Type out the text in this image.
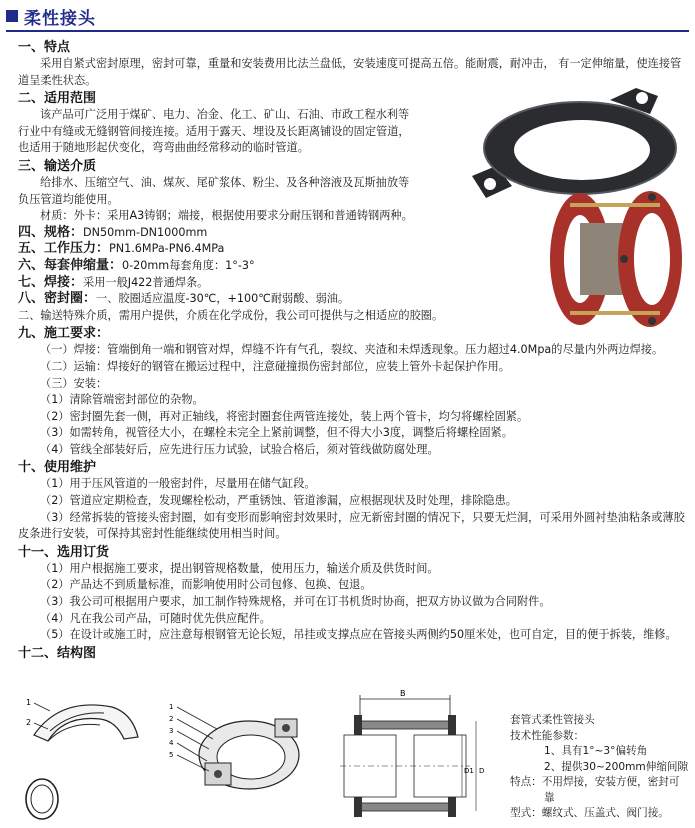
柔性接头
一、特点
采用自紧式密封原理，密封可靠，重量和安装费用比法兰盘低，安装速度可提高五倍。能耐震，耐冲击， 有一定伸缩量，使连接管道呈柔性状态。
二、适用范围
该产品可广泛用于煤矿、电力、冶金、化工、矿山、石油、市政工程水利等行业中有缝或无缝钢管间接连接。适用于露天、埋设及长距离铺设的固定管道，也适用于随地形起伏变化，弯弯曲曲经常移动的临时管道。
三、输送介质
给排水、压缩空气、油、煤灰、尾矿浆体、粉尘、及各种溶液及瓦斯抽放等负压管道均能使用。
材质：外卡：采用A3铸钢；端接，根据使用要求分耐压钢和普通铸钢两种。
四、规格：DN50mm-DN1000mm
五、工作压力：PN1.6MPa-PN6.4MPa
六、每套伸缩量：0-20mm每套角度：1°-3°
七、焊接：采用一般J422普通焊条。
八、密封圈：一、胶圈适应温度-30℃，+100℃耐弱酸、弱油。
二、输送特殊介质，需用户提供，介质在化学成份，我公司可提供与之相适应的胶圈。
九、施工要求：
（一）焊接：管端倒角一端和钢管对焊，焊缝不许有气孔，裂纹、夹渣和未焊透现象。压力超过4.0Mpa的尽量内外两边焊接。
（二）运输：焊接好的钢管在搬运过程中，注意碰撞损伤密封部位，应装上管外卡起保护作用。
（三）安装：
（1）清除管端密封部位的杂物。
（2）密封圈先套一侧，再对正轴线，将密封圈套住两管连接处，装上两个管卡，均匀将螺栓固紧。
（3）如需转角，视管径大小，在螺栓未完全上紧前调整，但不得大小3度，调整后将螺栓固紧。
（4）管线全部装好后，应先进行压力试验，试验合格后，须对管线做防腐处理。
十、使用维护
（1）用于压风管道的一般密封件，尽量用在储气缸段。
（2）管道应定期检查，发现螺栓松动，严重锈蚀、管道渗漏，应根据现状及时处理，排除隐患。
（3）经常拆装的管接头密封圈，如有变形而影响密封效果时，应无新密封圈的情况下，只要无烂洞，可采用外圆衬垫油粘条或薄胶皮条进行安装，可保持其密封性能继续使用相当时间。
十一、选用订货
（1）用户根据施工要求，提出钢管规格数量，使用压力，输送介质及供货时间。
（2）产品达不到质量标准，而影响使用时公司包修、包换、包退。
（3）我公司可根据用户要求，加工制作特殊规格，并可在订书机货时协商，把双方协议做为合同附件。
（4）凡在我公司产品，可随时优先供应配件。
（5）在设计或施工时，应注意每根钢管无论长短，吊挂或支撑点应在管接头两侧约50厘米处，也可自定，目的便于拆装，维修。
十二、结构图
1
2
1
2
3
4
5
B
D1 D
套管式柔性管接头
技术性能参数：
1、具有1°~3°偏转角
2、提供30~200mm伸缩间隙
特点：不用焊接，安装方便，密封可靠
型式：螺纹式、压盖式、阀门接。
